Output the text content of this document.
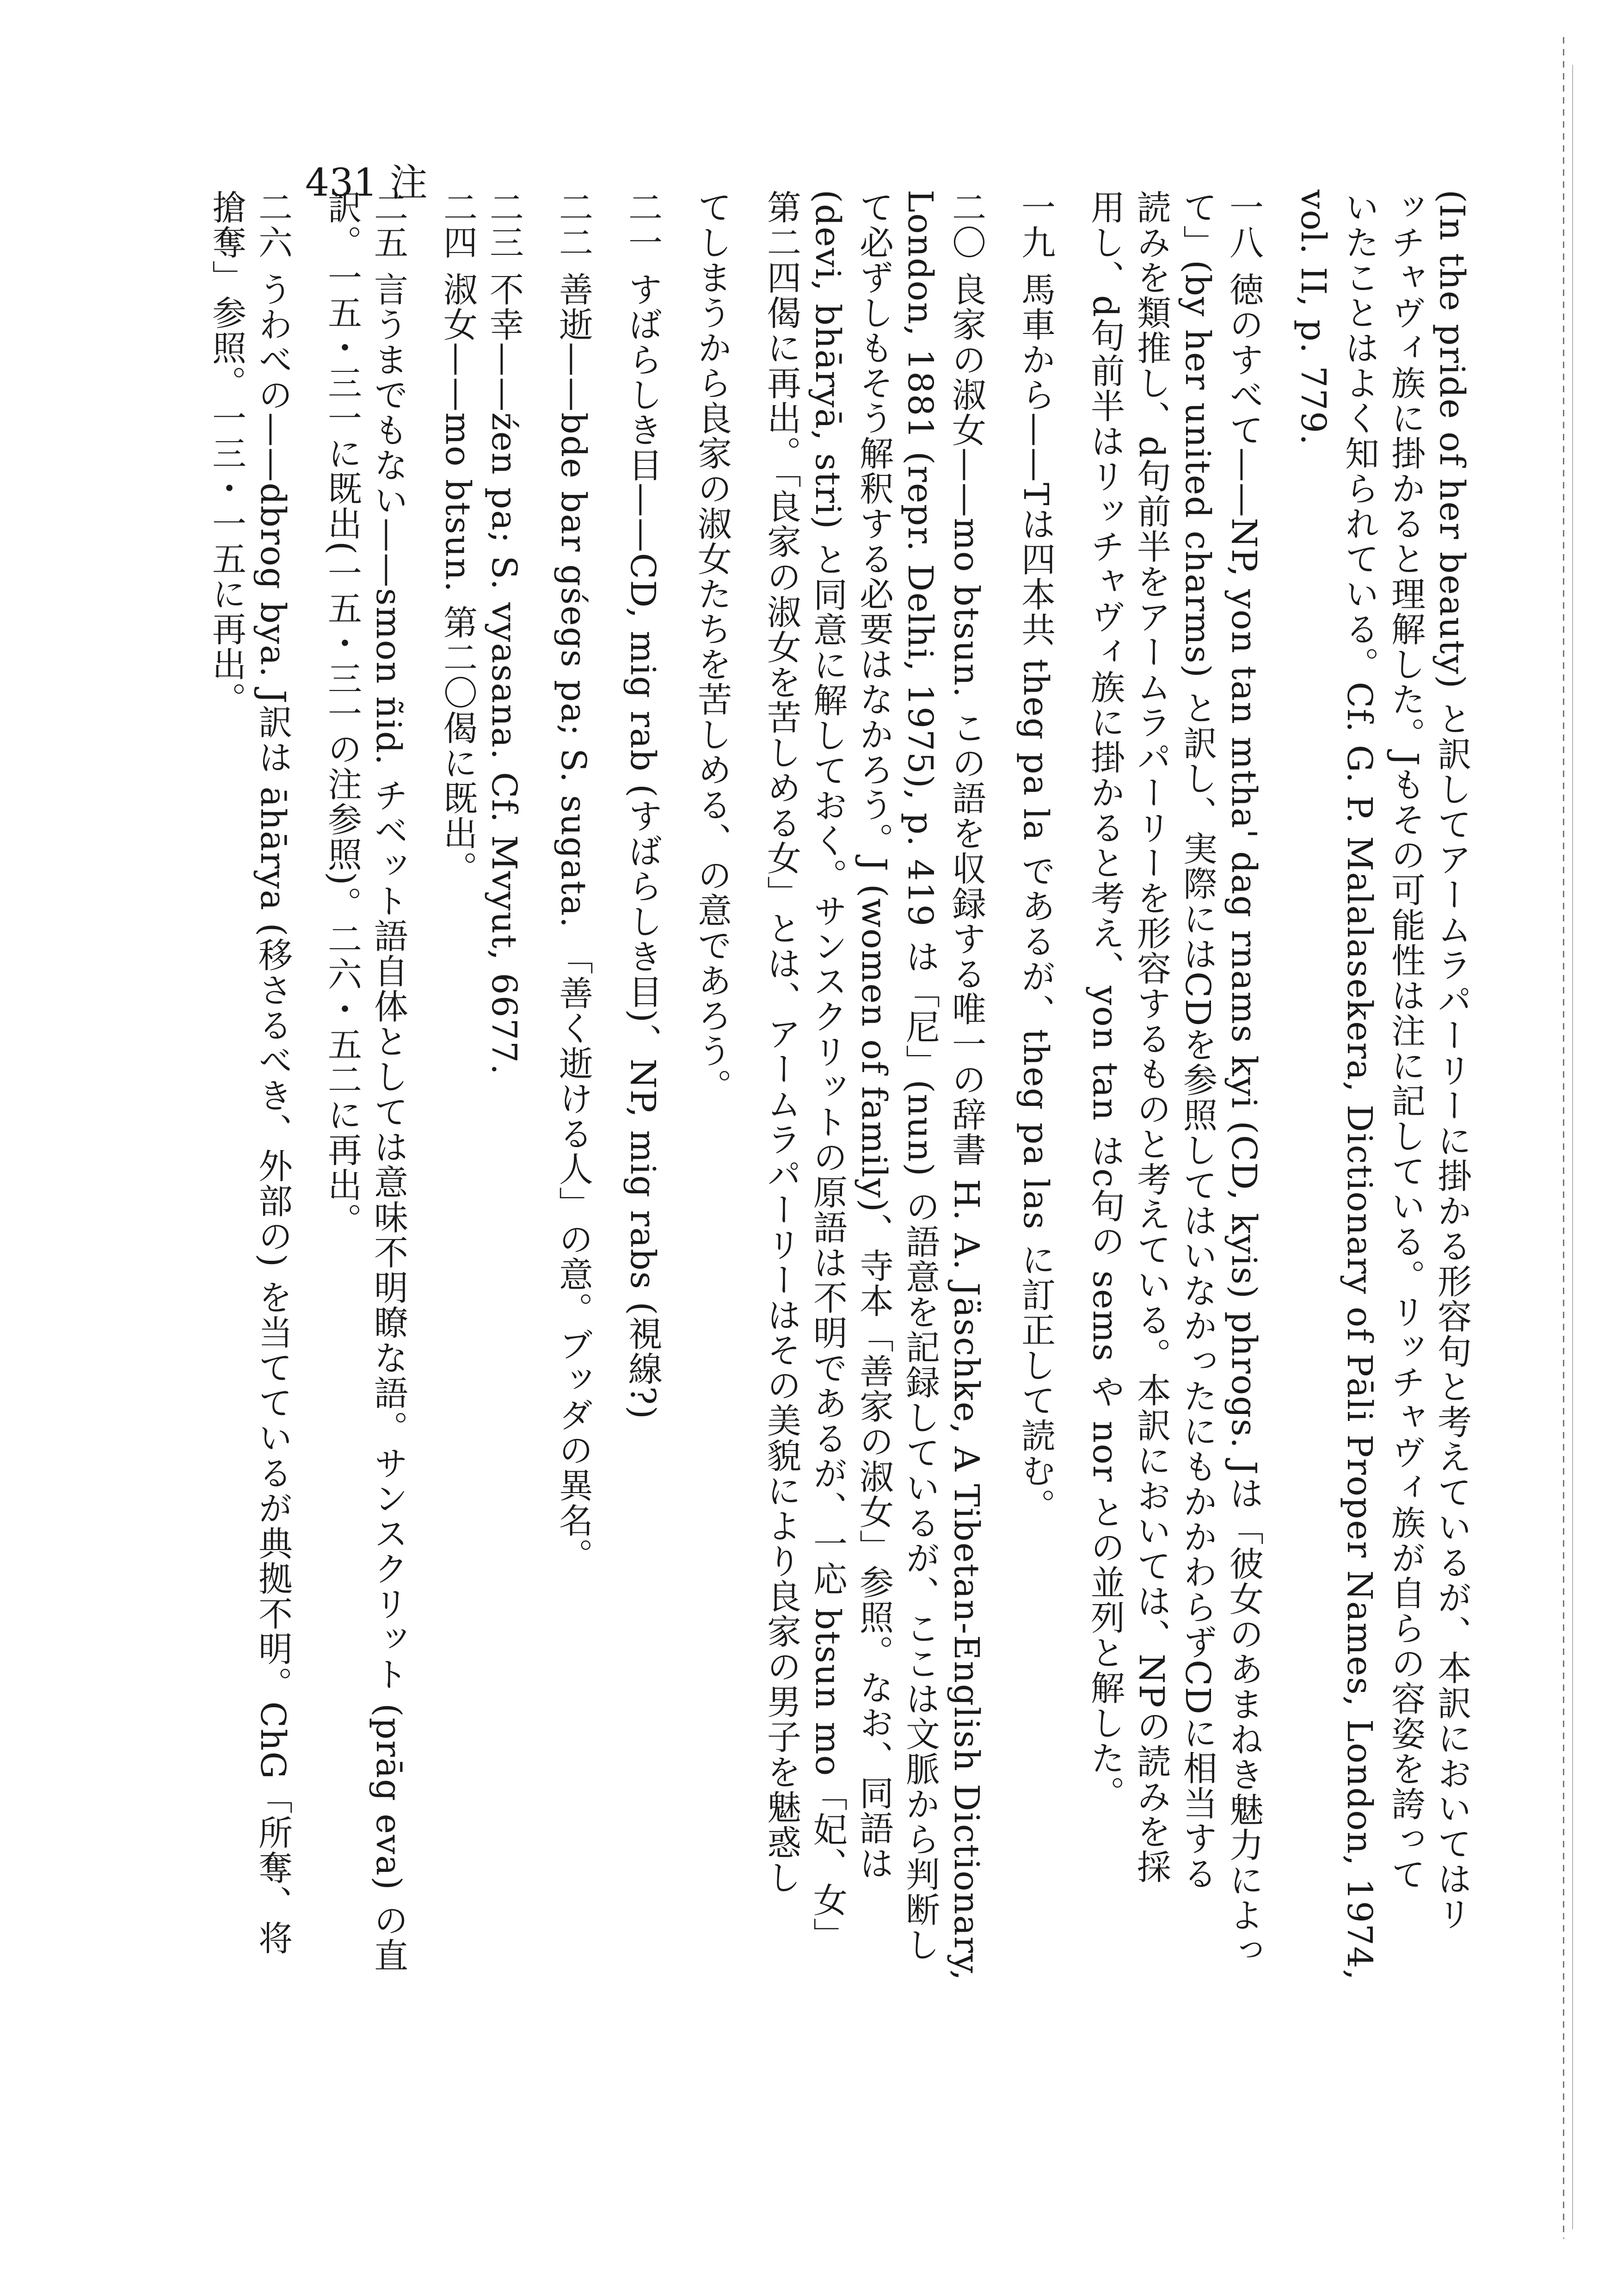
431 注
(In the pride of her beauty) と訳してアームラパーリーに掛かる形容句と考えているが、本訳においてはリ
ッチャヴィ族に掛かると理解した。Jもその可能性は注に記している。リッチャヴィ族が自らの容姿を誇って
いたことはよく知られている。Cf. G. P. Malalasekera, Dictionary of Pāli Proper Names, London, 1974,
vol. II, p. 779.
一八 徳のすべて——NP, yon tan mtha' dag rnams kyi (CD, kyis) phrogs. Jは「彼女のあまねき魅力によっ
て」(by her united charms) と訳し、実際にはCDを参照してはいなかったにもかかわらずCDに相当する
読みを類推し、d句前半をアームラパーリーを形容するものと考えている。本訳においては、NPの読みを採
用し、d句前半はリッチャヴィ族に掛かると考え、yon tan はc句の sems や nor との並列と解した。
一九 馬車から——Tは四本共 theg pa la であるが、theg pa las に訂正して読む。
二〇 良家の淑女——mo btsun. この語を収録する唯一の辞書 H. A. Jäschke, A Tibetan-English Dictionary,
London, 1881 (repr. Delhi, 1975), p. 419 は「尼」(nun) の語意を記録しているが、ここは文脈から判断し
て必ずしもそう解釈する必要はなかろう。J (women of family)、寺本「善家の淑女」参照。なお、同語は
(devi, bhāryā, stri) と同意に解しておく。サンスクリットの原語は不明であるが、一応 btsun mo「妃、女」
第二四偈に再出。「良家の淑女を苦しめる女」とは、アームラパーリーはその美貌により良家の男子を魅惑し
てしまうから良家の淑女たちを苦しめる、の意であろう。
二一 すばらしき目——CD, mig rab (すばらしき目)、NP, mig rabs (視線?)
二二 善逝——bde bar gśegs pa; S. sugata. 「善く逝ける人」の意。ブッダの異名。
二三 不幸——źen pa; S. vyasana. Cf. Mvyut, 6677.
二四 淑女——mo btsun. 第二〇偈に既出。
二五 言うまでもない——smon ñid. チベット語自体としては意味不明瞭な語。サンスクリット (prāg eva) の直
訳。一五・三一に既出(一五・三一の注参照)。二六・五二に再出。
二六 うわべの——dbrog bya. J訳は āhārya (移さるべき、外部の) を当てているが典拠不明。ChG「所奪、将
搶奪」参照。一三・一五に再出。
